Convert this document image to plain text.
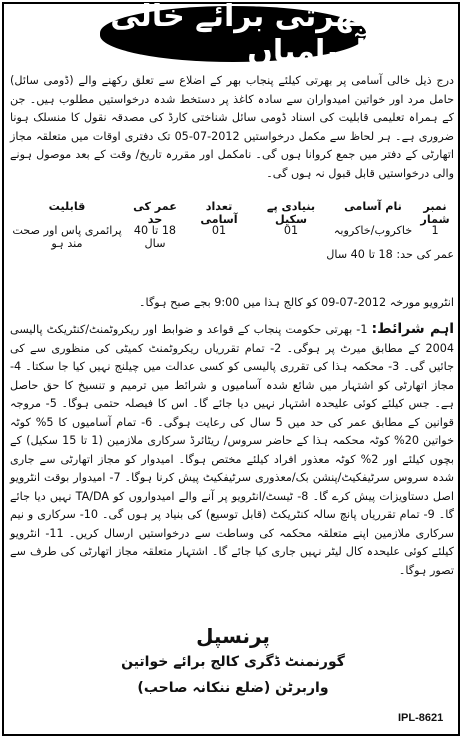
بھرتی برائے خالی آسامیاں
درج ذیل خالی آسامی پر بھرتی کیلئے پنجاب بھر کے اضلاع سے تعلق رکھنے والے (ڈومی سائل) حامل مرد اور خواتین امیدواران سے سادہ کاغذ پر دستخط شدہ درخواستیں مطلوب ہیں۔ جن کے ہمراہ تعلیمی قابلیت کی اسناد ڈومی سائل شناختی کارڈ کی مصدقہ نقول کا منسلک ہونا ضروری ہے۔ ہر لحاظ سے مکمل درخواستیں 2012-07-05 تک دفتری اوقات میں متعلقہ مجاز اتھارٹی کے دفتر میں جمع کروانا ہوں گی۔ نامکمل اور مقررہ تاریخ/ وقت کے بعد موصول ہونے والی درخواستیں قابل قبول نہ ہوں گی۔
نمبر شمار
نام آسامی
بنیادی پے سکیل
تعداد آسامی
عمر کی حد
قابلیت
1
خاکروب/خاکروبہ
01
01
18 تا 40 سال
پرائمری پاس اور صحت مند ہو
عمر کی حد: 18 تا 40 سال
انٹرویو مورخہ 2012-07-09 کو کالج ہذا میں 9:00 بجے صبح ہوگا۔
اہم شرائط: 1- بھرتی حکومت پنجاب کے قواعد و ضوابط اور ریکروٹمنٹ/کنٹریکٹ پالیسی 2004 کے مطابق میرٹ پر ہوگی۔ 2- تمام تقرریاں ریکروٹمنٹ کمیٹی کی منظوری سے کی جائیں گی۔ 3- محکمہ ہذا کی تقرری پالیسی کو کسی عدالت میں چیلنج نہیں کیا جا سکتا۔ 4- مجاز اتھارٹی کو اشتہار میں شائع شدہ آسامیوں و شرائط میں ترمیم و تنسیخ کا حق حاصل ہے۔ جس کیلئے کوئی علیحدہ اشتہار نہیں دیا جائے گا۔ اس کا فیصلہ حتمی ہوگا۔ 5- مروجہ قوانین کے مطابق عمر کی حد میں 5 سال کی رعایت ہوگی۔ 6- تمام آسامیوں کا 5% کوٹہ خواتین 20% کوٹہ محکمہ ہذا کے حاضر سروس/ ریٹائرڈ سرکاری ملازمین (1 تا 15 سکیل) کے بچوں کیلئے اور 2% کوٹہ معذور افراد کیلئے مختص ہوگا۔ امیدوار کو مجاز اتھارٹی سے جاری شدہ سروس سرٹیفکیٹ/پنشن بک/معذوری سرٹیفکیٹ پیش کرنا ہوگا۔ 7- امیدوار بوقت انٹرویو اصل دستاویزات پیش کرے گا۔ 8- ٹیسٹ/انٹرویو پر آنے والے امیدواروں کو TA/DA نہیں دیا جائے گا۔ 9- تمام تقرریاں پانچ سالہ کنٹریکٹ (قابل توسیع) کی بنیاد پر ہوں گی۔ 10- سرکاری و نیم سرکاری ملازمین اپنے متعلقہ محکمہ کی وساطت سے درخواستیں ارسال کریں۔ 11- انٹرویو کیلئے کوئی علیحدہ کال لیٹر نہیں جاری کیا جائے گا۔ اشتہار متعلقہ مجاز اتھارٹی کی طرف سے تصور ہوگا۔
پرنسپل
گورنمنٹ ڈگری کالج برائے خواتین
واربرٹن (ضلع ننکانہ صاحب)
IPL-8621
